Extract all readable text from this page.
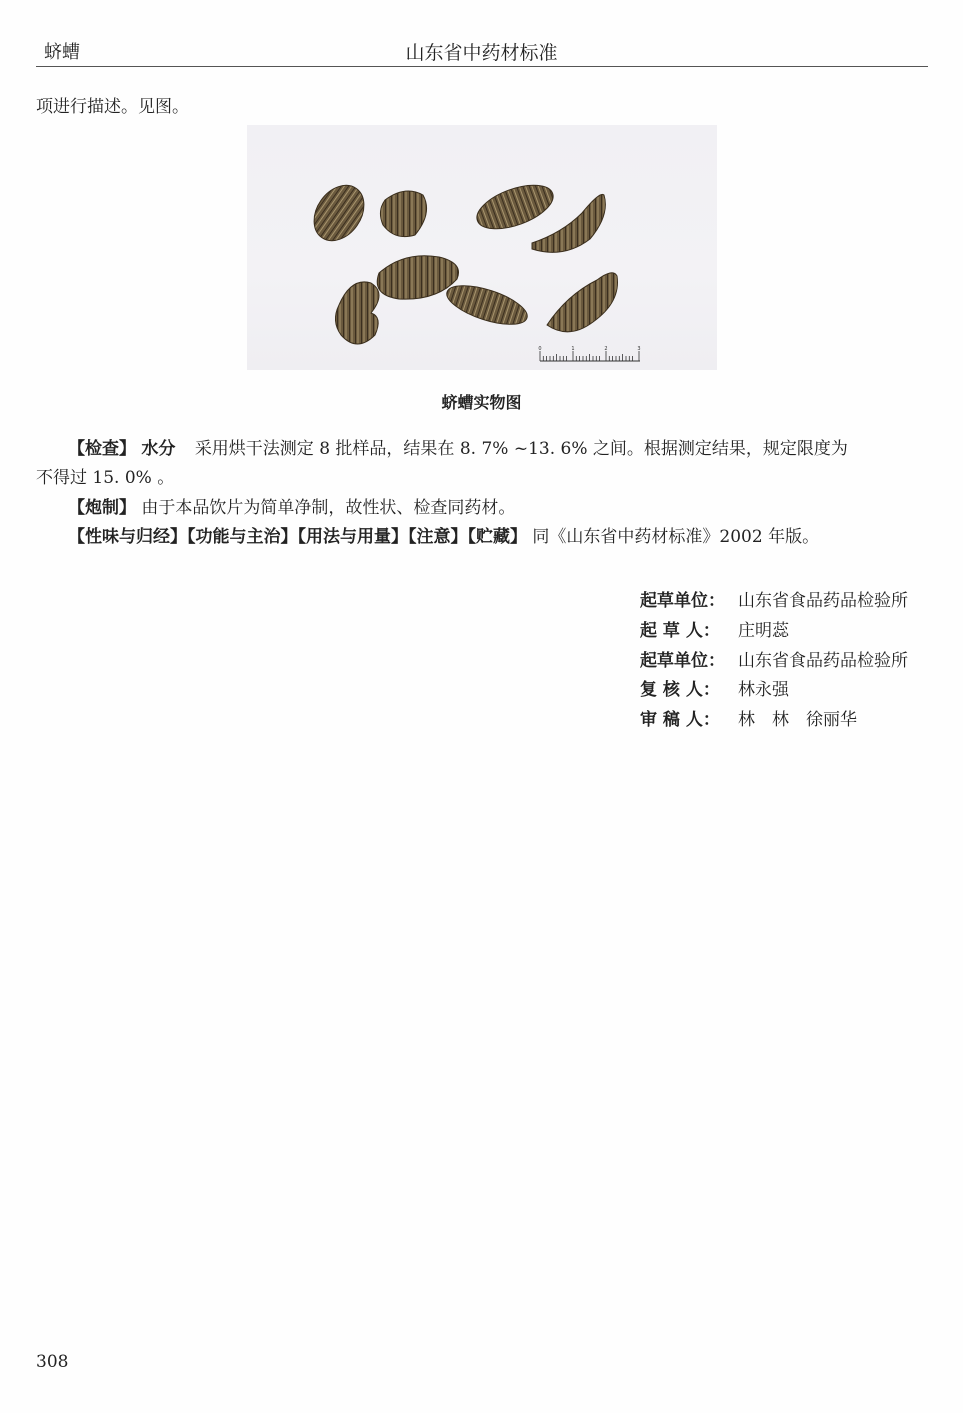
蛴螬	山东省中药材标准
项进行描述。见图。
0	1	2	3
蛴螬实物图
【检查】 水分 采用烘干法测定 8 批样品，结果在 8. 7% ~13. 6% 之间。根据测定结果，规定限度为
不得过 15. 0% 。
【炮制】 由于本品饮片为简单净制，故性状、检查同药材。
【性味与归经】【功能与主治】【用法与用量】【注意】【贮藏】 同《山东省中药材标准》2002 年版。
起草单位： 山东省食品药品检验所
起 草 人： 庄明蕊
起草单位： 山东省食品药品检验所
复 核 人： 林永强
审 稿 人： 林　林　徐丽华
308
